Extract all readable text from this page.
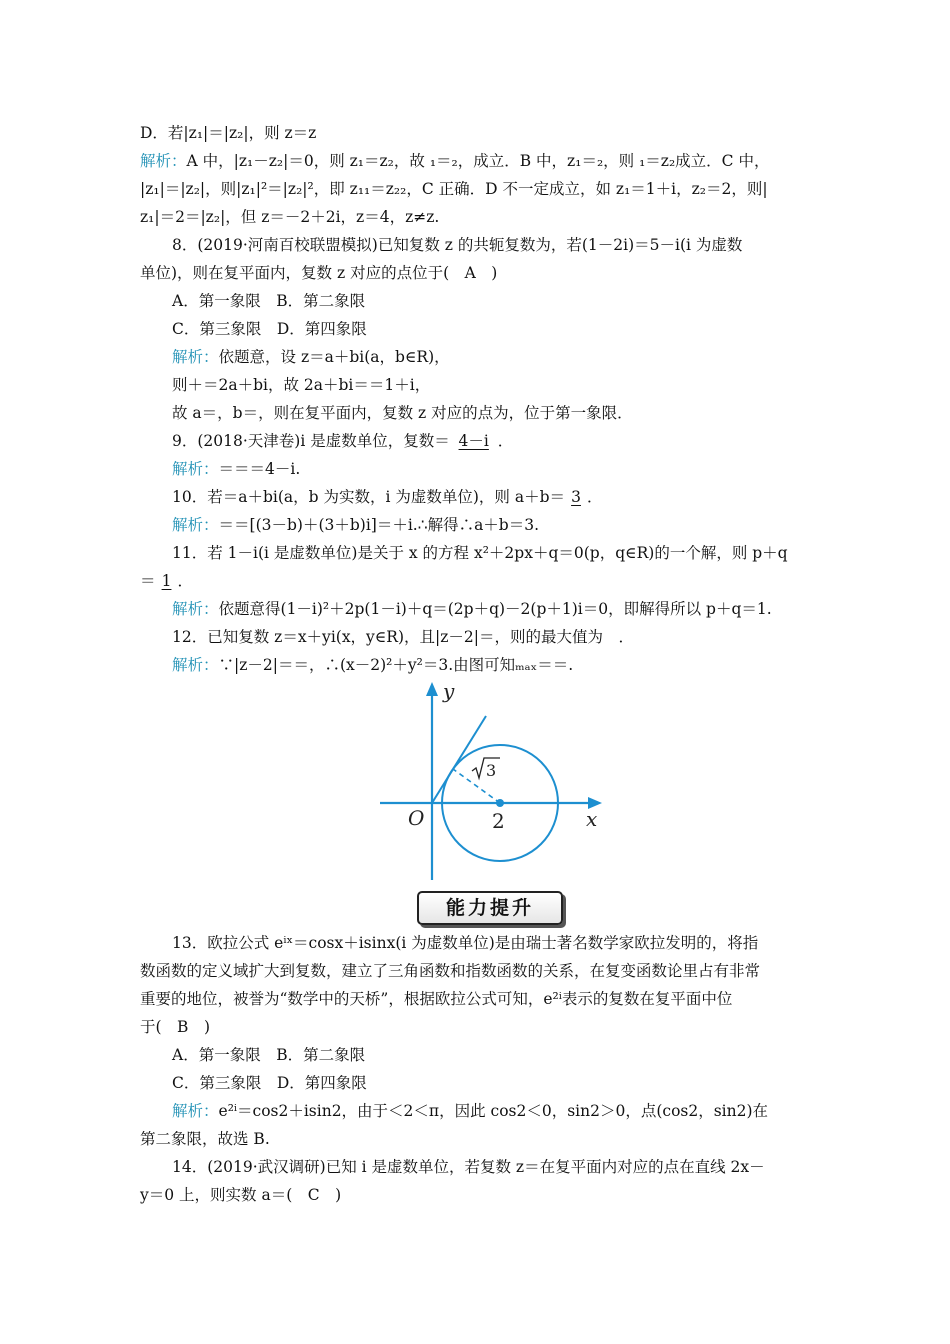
D．若|z₁|＝|z₂|，则 z＝z
解析：A 中，|z₁－z₂|＝0，则 z₁＝z₂，故 ₁＝₂，成立．B 中，z₁＝₂，则 ₁＝z₂成立．C 中，
|z₁|＝|z₂|，则|z₁|²＝|z₂|²，即 z₁₁＝z₂₂，C 正确．D 不一定成立，如 z₁＝1＋i，z₂＝2，则|
z₁|＝2＝|z₂|，但 z＝－2＋2i，z＝4，z≠z.
8．(2019·河南百校联盟模拟)已知复数 z 的共轭复数为，若(1－2i)＝5－i(i 为虚数
单位)，则在复平面内，复数 z 对应的点位于(　A　)
A．第一象限　B．第二象限
C．第三象限　D．第四象限
解析：依题意，设 z＝a＋bi(a，b∈R)，
则＋＝2a＋bi，故 2a＋bi＝＝1＋i，
故 a＝，b＝，则在复平面内，复数 z 对应的点为，位于第一象限．
9．(2018·天津卷)i 是虚数单位，复数＝ 4－i ．
解析：＝＝＝4－i.
10．若＝a＋bi(a，b 为实数，i 为虚数单位)，则 a＋b＝ 3 ．
解析：＝＝[(3－b)＋(3＋b)i]＝＋i.∴解得∴a＋b＝3.
11．若 1－i(i 是虚数单位)是关于 x 的方程 x²＋2px＋q＝0(p，q∈R)的一个解，则 p＋q
＝ 1 ．
解析：依题意得(1－i)²＋2p(1－i)＋q＝(2p＋q)－2(p＋1)i＝0，即解得所以 p＋q＝1.
12．已知复数 z＝x＋yi(x，y∈R)，且|z－2|＝，则的最大值为　．
解析：∵|z－2|＝＝，∴(x－2)²＋y²＝3.由图可知ₘₐₓ＝＝.
y
x
O	2
3
能力提升
13．欧拉公式 eⁱˣ＝cosx＋isinx(i 为虚数单位)是由瑞士著名数学家欧拉发明的，将指
数函数的定义域扩大到复数，建立了三角函数和指数函数的关系，在复变函数论里占有非常
重要的地位，被誉为“数学中的天桥”，根据欧拉公式可知，e²ⁱ表示的复数在复平面中位
于(　B　)
A．第一象限　B．第二象限
C．第三象限　D．第四象限
解析：e²ⁱ＝cos2＋isin2，由于＜2＜π，因此 cos2＜0，sin2＞0，点(cos2，sin2)在
第二象限，故选 B.
14．(2019·武汉调研)已知 i 是虚数单位，若复数 z＝在复平面内对应的点在直线 2x－
y＝0 上，则实数 a＝(　C　)
